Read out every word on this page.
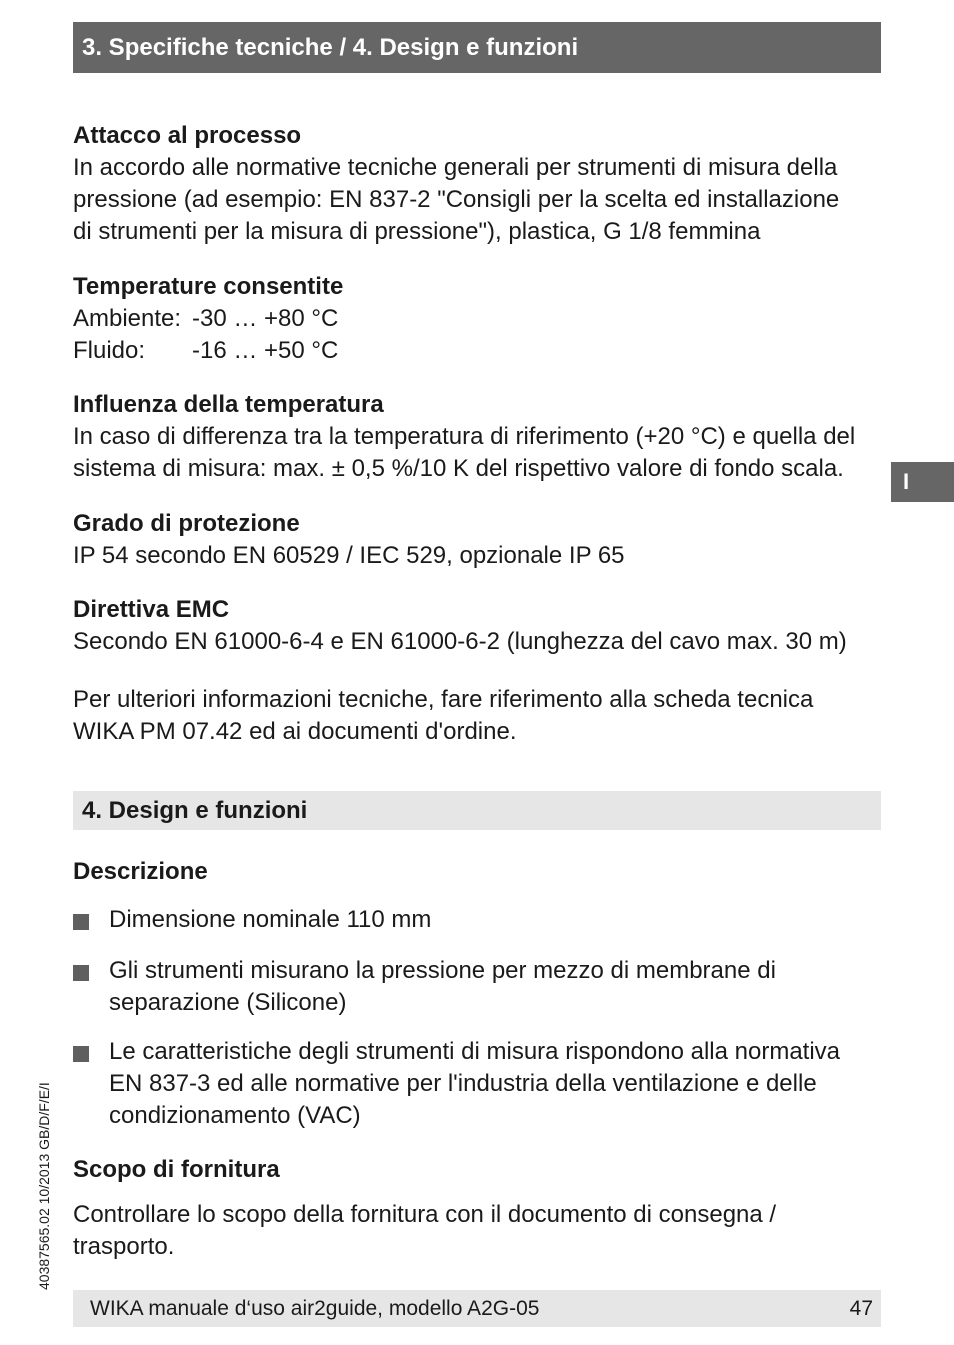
3. Specifiche tecniche / 4. Design e funzioni
Attacco al processo
In accordo alle normative tecniche generali per strumenti di misura della
pressione (ad esempio: EN 837-2 "Consigli per la scelta ed installazione
di strumenti per la misura di pressione"), plastica, G 1/8 femmina
Temperature consentite
Ambiente: -30 … +80 °C
Fluido:	-16 … +50 °C
Influenza della temperatura
In caso di differenza tra la temperatura di riferimento (+20 °C) e quella del
sistema di misura: max. ± 0,5 %/10 K del rispettivo valore di fondo scala.	I
Grado di protezione
IP 54 secondo EN 60529 / IEC 529, opzionale IP 65
Direttiva EMC
Secondo EN 61000-6-4 e EN 61000-6-2 (lunghezza del cavo max. 30 m)
Per ulteriori informazioni tecniche, fare riferimento alla scheda tecnica
WIKA PM 07.42 ed ai documenti d'ordine.
4. Design e funzioni
Descrizione
Dimensione nominale 110 mm
Gli strumenti misurano la pressione per mezzo di membrane di
separazione (Silicone)
Le caratteristiche degli strumenti di misura rispondono alla normativa
EN 837-3 ed alle normative per l'industria della ventilazione e delle
condizionamento (VAC)
Scopo di fornitura
Controllare lo scopo della fornitura con il documento di consegna /
trasporto.
40387565.02 10/2013 GB/D/F/E/I
WIKA manuale d‘uso air2guide, modello A2G-05	47
